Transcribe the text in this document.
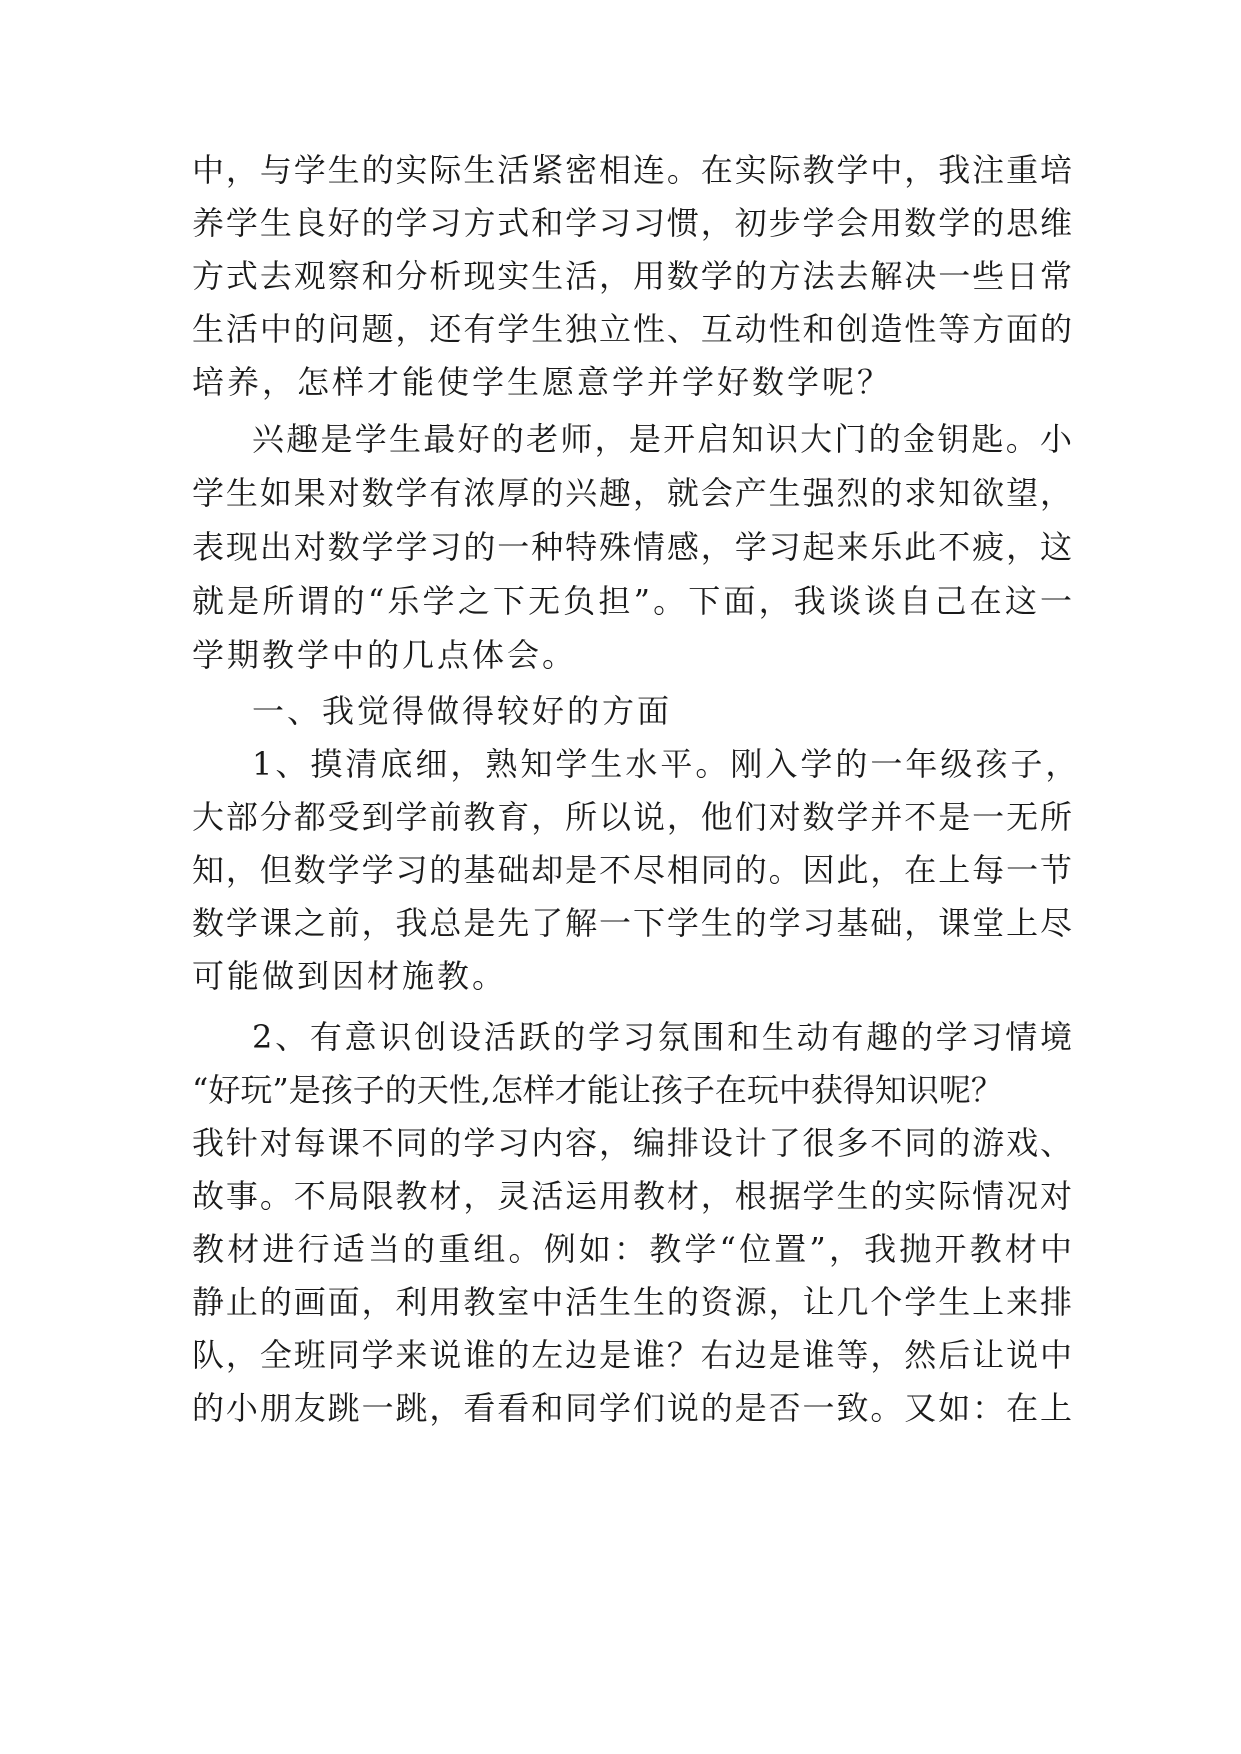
中，与学生的实际生活紧密相连。在实际教学中，我注重培
养学生良好的学习方式和学习习惯，初步学会用数学的思维
方式去观察和分析现实生活，用数学的方法去解决一些日常
生活中的问题，还有学生独立性、互动性和创造性等方面的
培养，怎样才能使学生愿意学并学好数学呢？
兴趣是学生最好的老师，是开启知识大门的金钥匙。小
学生如果对数学有浓厚的兴趣，就会产生强烈的求知欲望，
表现出对数学学习的一种特殊情感，学习起来乐此不疲，这
就是所谓的“乐学之下无负担”。下面，我谈谈自己在这一
学期教学中的几点体会。
一、我觉得做得较好的方面
1、摸清底细，熟知学生水平。刚入学的一年级孩子，
大部分都受到学前教育，所以说，他们对数学并不是一无所
知，但数学学习的基础却是不尽相同的。因此，在上每一节
数学课之前，我总是先了解一下学生的学习基础，课堂上尽
可能做到因材施教。
2、有意识创设活跃的学习氛围和生动有趣的学习情境
“好玩”是孩子的天性,怎样才能让孩子在玩中获得知识呢？
我针对每课不同的学习内容，编排设计了很多不同的游戏、
故事。不局限教材，灵活运用教材，根据学生的实际情况对
教材进行适当的重组。例如：教学“位置”，我抛开教材中
静止的画面，利用教室中活生生的资源，让几个学生上来排
队，全班同学来说谁的左边是谁？右边是谁等，然后让说中
的小朋友跳一跳，看看和同学们说的是否一致。又如：在上
